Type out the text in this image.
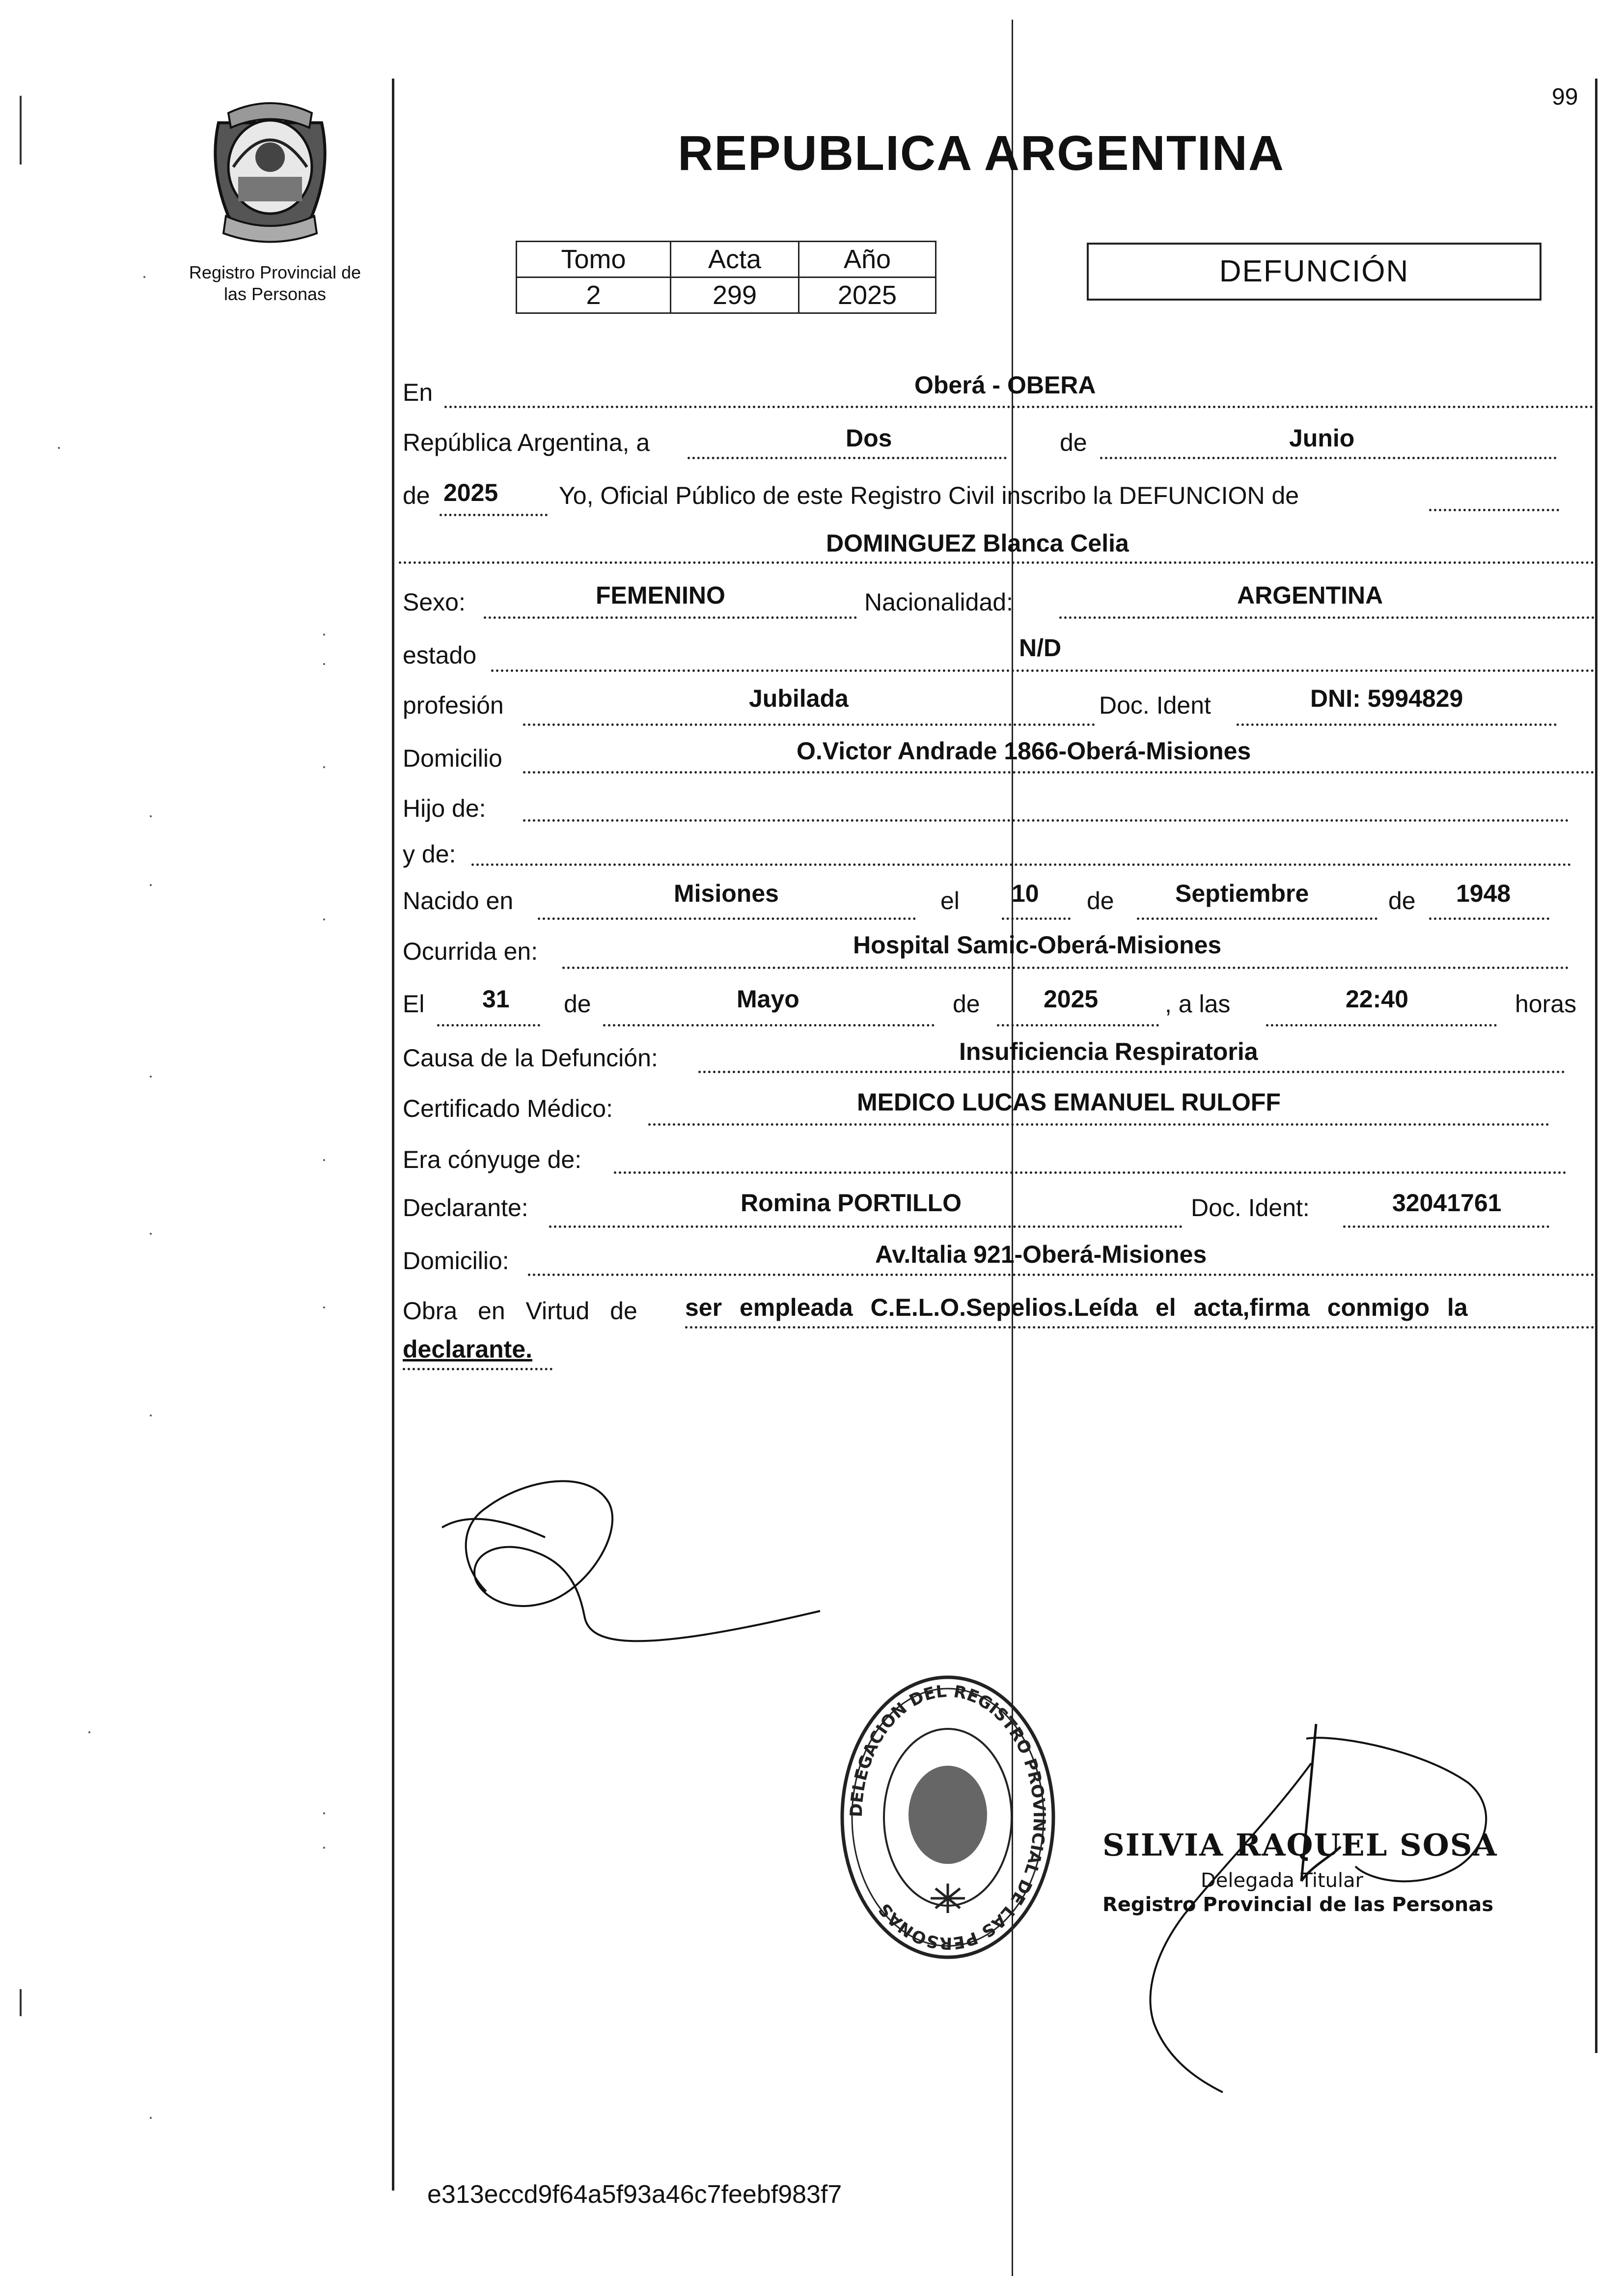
99
Registro Provincial de
las Personas
REPUBLICA ARGENTINA
Tomo	Acta	Año
2	299	2025
DEFUNCIÓN
En	Oberá - OBERA
República Argentina, a	Dos	de	Junio
de 2025 Yo, Oficial Público de este Registro Civil inscribo la DEFUNCION de
DOMINGUEZ Blanca Celia
Sexo:	FEMENINO	Nacionalidad:	ARGENTINA
estado	N/D
profesión	Jubilada	Doc. Ident	DNI: 5994829
Domicilio	O.Victor Andrade 1866-Oberá-Misiones
Hijo de:
y de:
Nacido en	Misiones	el 10 de Septiembre	de 1948
Ocurrida en:	Hospital Samic-Oberá-Misiones
El 31 de	Mayo	de	2025	, a las	22:40	horas
Causa de la Defunción:	Insuficiencia Respiratoria
Certificado Médico:	MEDICO LUCAS EMANUEL RULOFF
Era cónyuge de:
Declarante:	Romina PORTILLO	Doc. Ident:	32041761
Domicilio:	Av.Italia 921-Oberá-Misiones
Obra en Virtud de ser empleada C.E.L.O.Sepelios.Leída el acta,firma conmigo la
declarante.
DELEGACION DEL REGISTRO PROVINCIAL DE LAS PERSONAS
SILVIA RAQUEL SOSA
Delegada Titular
Registro Provincial de las Personas
e313eccd9f64a5f93a46c7feebf983f7
